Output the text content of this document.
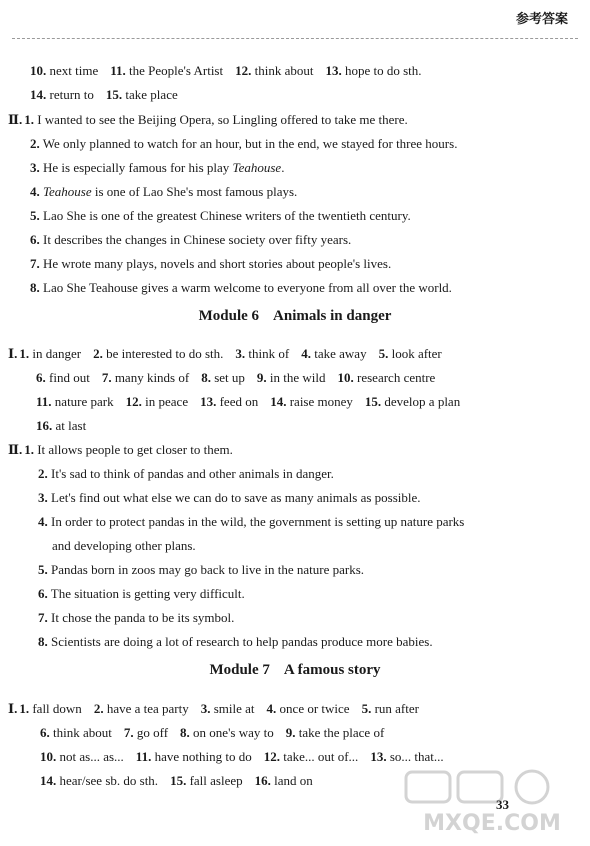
参考答案
10. next time 11. the People's Artist 12. think about 13. hope to do sth.
14. return to 15. take place
Ⅱ. 1. I wanted to see the Beijing Opera, so Lingling offered to take me there.
2. We only planned to watch for an hour, but in the end, we stayed for three hours.
3. He is especially famous for his play Teahouse.
4. Teahouse is one of Lao She's most famous plays.
5. Lao She is one of the greatest Chinese writers of the twentieth century.
6. It describes the changes in Chinese society over fifty years.
7. He wrote many plays, novels and short stories about people's lives.
8. Lao She Teahouse gives a warm welcome to everyone from all over the world.
Module 6 Animals in danger
Ⅰ. 1. in danger 2. be interested to do sth. 3. think of 4. take away 5. look after
6. find out 7. many kinds of 8. set up 9. in the wild 10. research centre
11. nature park 12. in peace 13. feed on 14. raise money 15. develop a plan
16. at last
Ⅱ. 1. It allows people to get closer to them.
2. It's sad to think of pandas and other animals in danger.
3. Let's find out what else we can do to save as many animals as possible.
4. In order to protect pandas in the wild, the government is setting up nature parks
and developing other plans.
5. Pandas born in zoos may go back to live in the nature parks.
6. The situation is getting very difficult.
7. It chose the panda to be its symbol.
8. Scientists are doing a lot of research to help pandas produce more babies.
Module 7 A famous story
Ⅰ. 1. fall down 2. have a tea party 3. smile at 4. once or twice 5. run after
6. think about 7. go off 8. on one's way to 9. take the place of
10. not as... as... 11. have nothing to do 12. take... out of... 13. so... that...
14. hear/see sb. do sth. 15. fall asleep 16. land on
33
MXQE.COM
